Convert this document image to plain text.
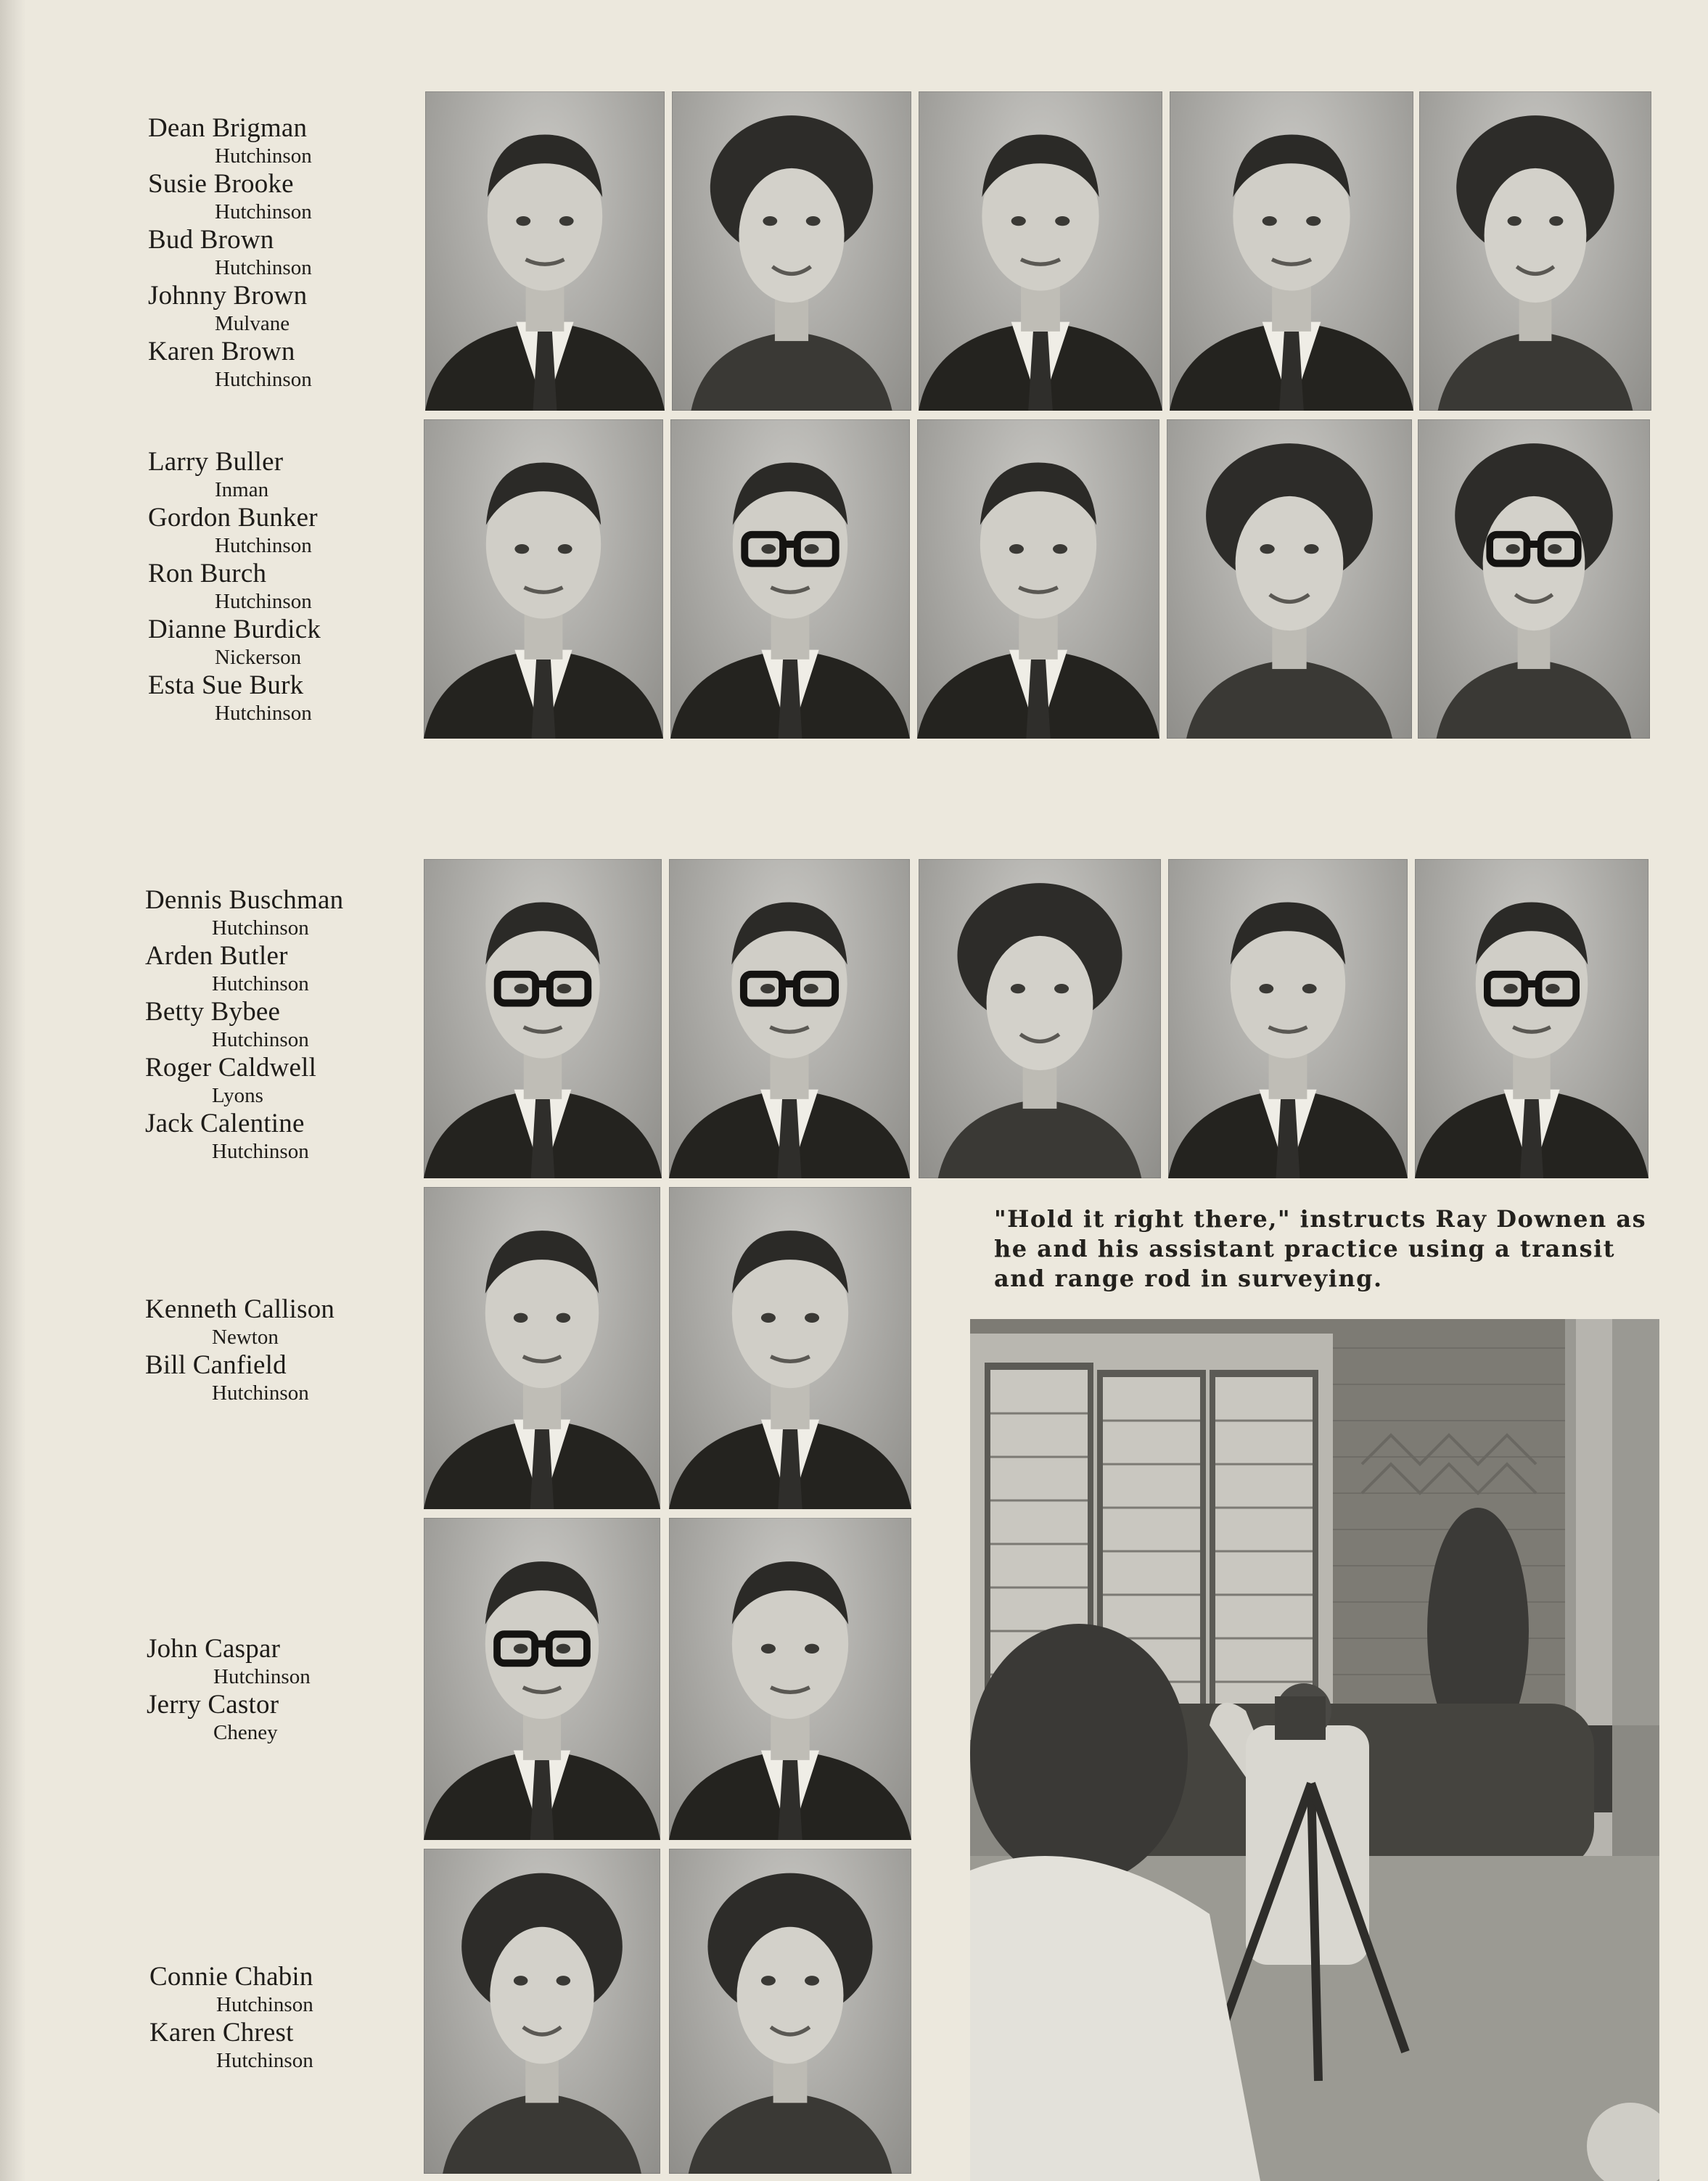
Dean Brigman
Hutchinson
Susie Brooke
Hutchinson
Bud Brown
Hutchinson
Johnny Brown
Mulvane
Karen Brown
Hutchinson
Larry Buller
Inman
Gordon Bunker
Hutchinson
Ron Burch
Hutchinson
Dianne Burdick
Nickerson
Esta Sue Burk
Hutchinson
Dennis Buschman
Hutchinson
Arden Butler
Hutchinson
Betty Bybee
Hutchinson
Roger Caldwell
Lyons
Jack Calentine
Hutchinson
Kenneth Callison
Newton
Bill Canfield
Hutchinson
John Caspar
Hutchinson
Jerry Castor
Cheney
Connie Chabin
Hutchinson
Karen Chrest
Hutchinson

"Hold it right there," instructs Ray Downen as he and his assistant practice using a transit and range rod in surveying.
